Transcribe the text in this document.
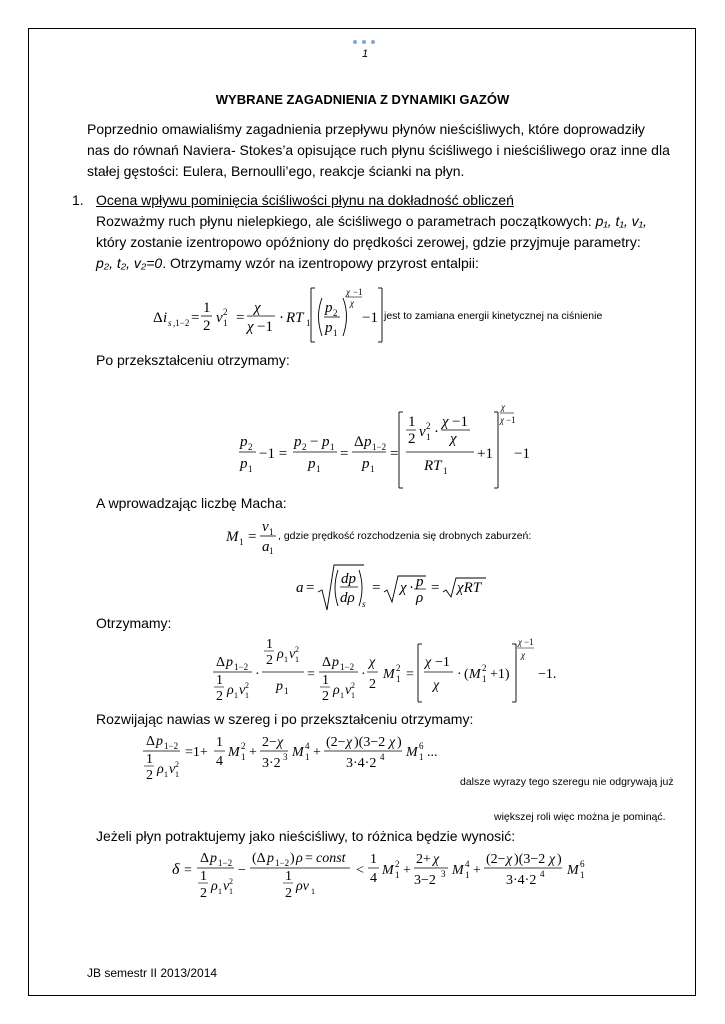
1
WYBRANE ZAGADNIENIA Z DYNAMIKI GAZÓW
Poprzednio omawialiśmy zagadnienia przepływu płynów nieściśliwych, które doprowadziły
nas do równań Naviera- Stokes’a opisujące ruch płynu ściśliwego i nieściśliwego oraz inne dla
stałej gęstości: Eulera, Bernoulli’ego, reakcje ścianki na płyn.
1. Ocena wpływu pominięcia ściśliwości płynu na dokładność obliczeń
Rozważmy ruch płynu nielepkiego, ale ściśliwego o parametrach początkowych: p₁, t₁, v₁,
który zostanie izentropowo opóźniony do prędkości zerowej, gdzie przyjmuje parametry:
p₂, t₂, v₂=0. Otrzymamy wzór na izentropowy przyrost entalpii:
Δ i s ,1−2 =
1
2 v 1
2 =
χ
χ −1
· RT 1
p 2
p 1
χ −1
χ
−1 jest to zamiana energii kinetycznej na ciśnienie
Po przekształceniu otrzymamy:
p 2
p 1
−1 =
p 2 − p 1
p 1
=
Δ p 1−2
p 1
=
1
2 v 1
2 ·
χ −1
χ
RT 1
+1
χ
χ −1
−1
A wprowadzając liczbę Macha:
M 1 =
v 1
a 1
, gdzie prędkość rozchodzenia się drobnych zaburzeń:
a =
dp
dρ s
= χ · p
ρ
= χRT
Otrzymamy:
Δ p 1−2
1
2 ρ 1 v 1
2
·
1
2 ρ 1 v 1
2
p 1
=
Δ p 1−2
1
2 ρ 1 v 1
2
·
χ
2
M 1
2 =
χ −1
χ
· ( M 1
2 +1)
χ −1
χ
−1.
Rozwijając nawias w szereg i po przekształceniu otrzymamy:
Δ p 1−2
1
2 ρ 1 v 1
2
=1+
1
4
M 1
2 +
2− χ
3·2 3 M 1
4 +
(2− χ )(3−2 χ )
3·4·2 4 M 1
6 ...
dalsze wyrazy tego szeregu nie odgrywają już
większej roli więc można je pominąć.
Jeżeli płyn potraktujemy jako nieściśliwy, to różnica będzie wynosić:
δ =
Δ p 1−2
1
2 ρ 1 v 1
2
−
(Δ p 1−2 ) ρ = const
1
2 ρv 1
<
1
4
M 1
2 +
2+ χ
3−2 3 M 1
4 +
(2− χ )(3−2 χ )
3·4·2 4 M 1
6
JB semestr II 2013/2014
